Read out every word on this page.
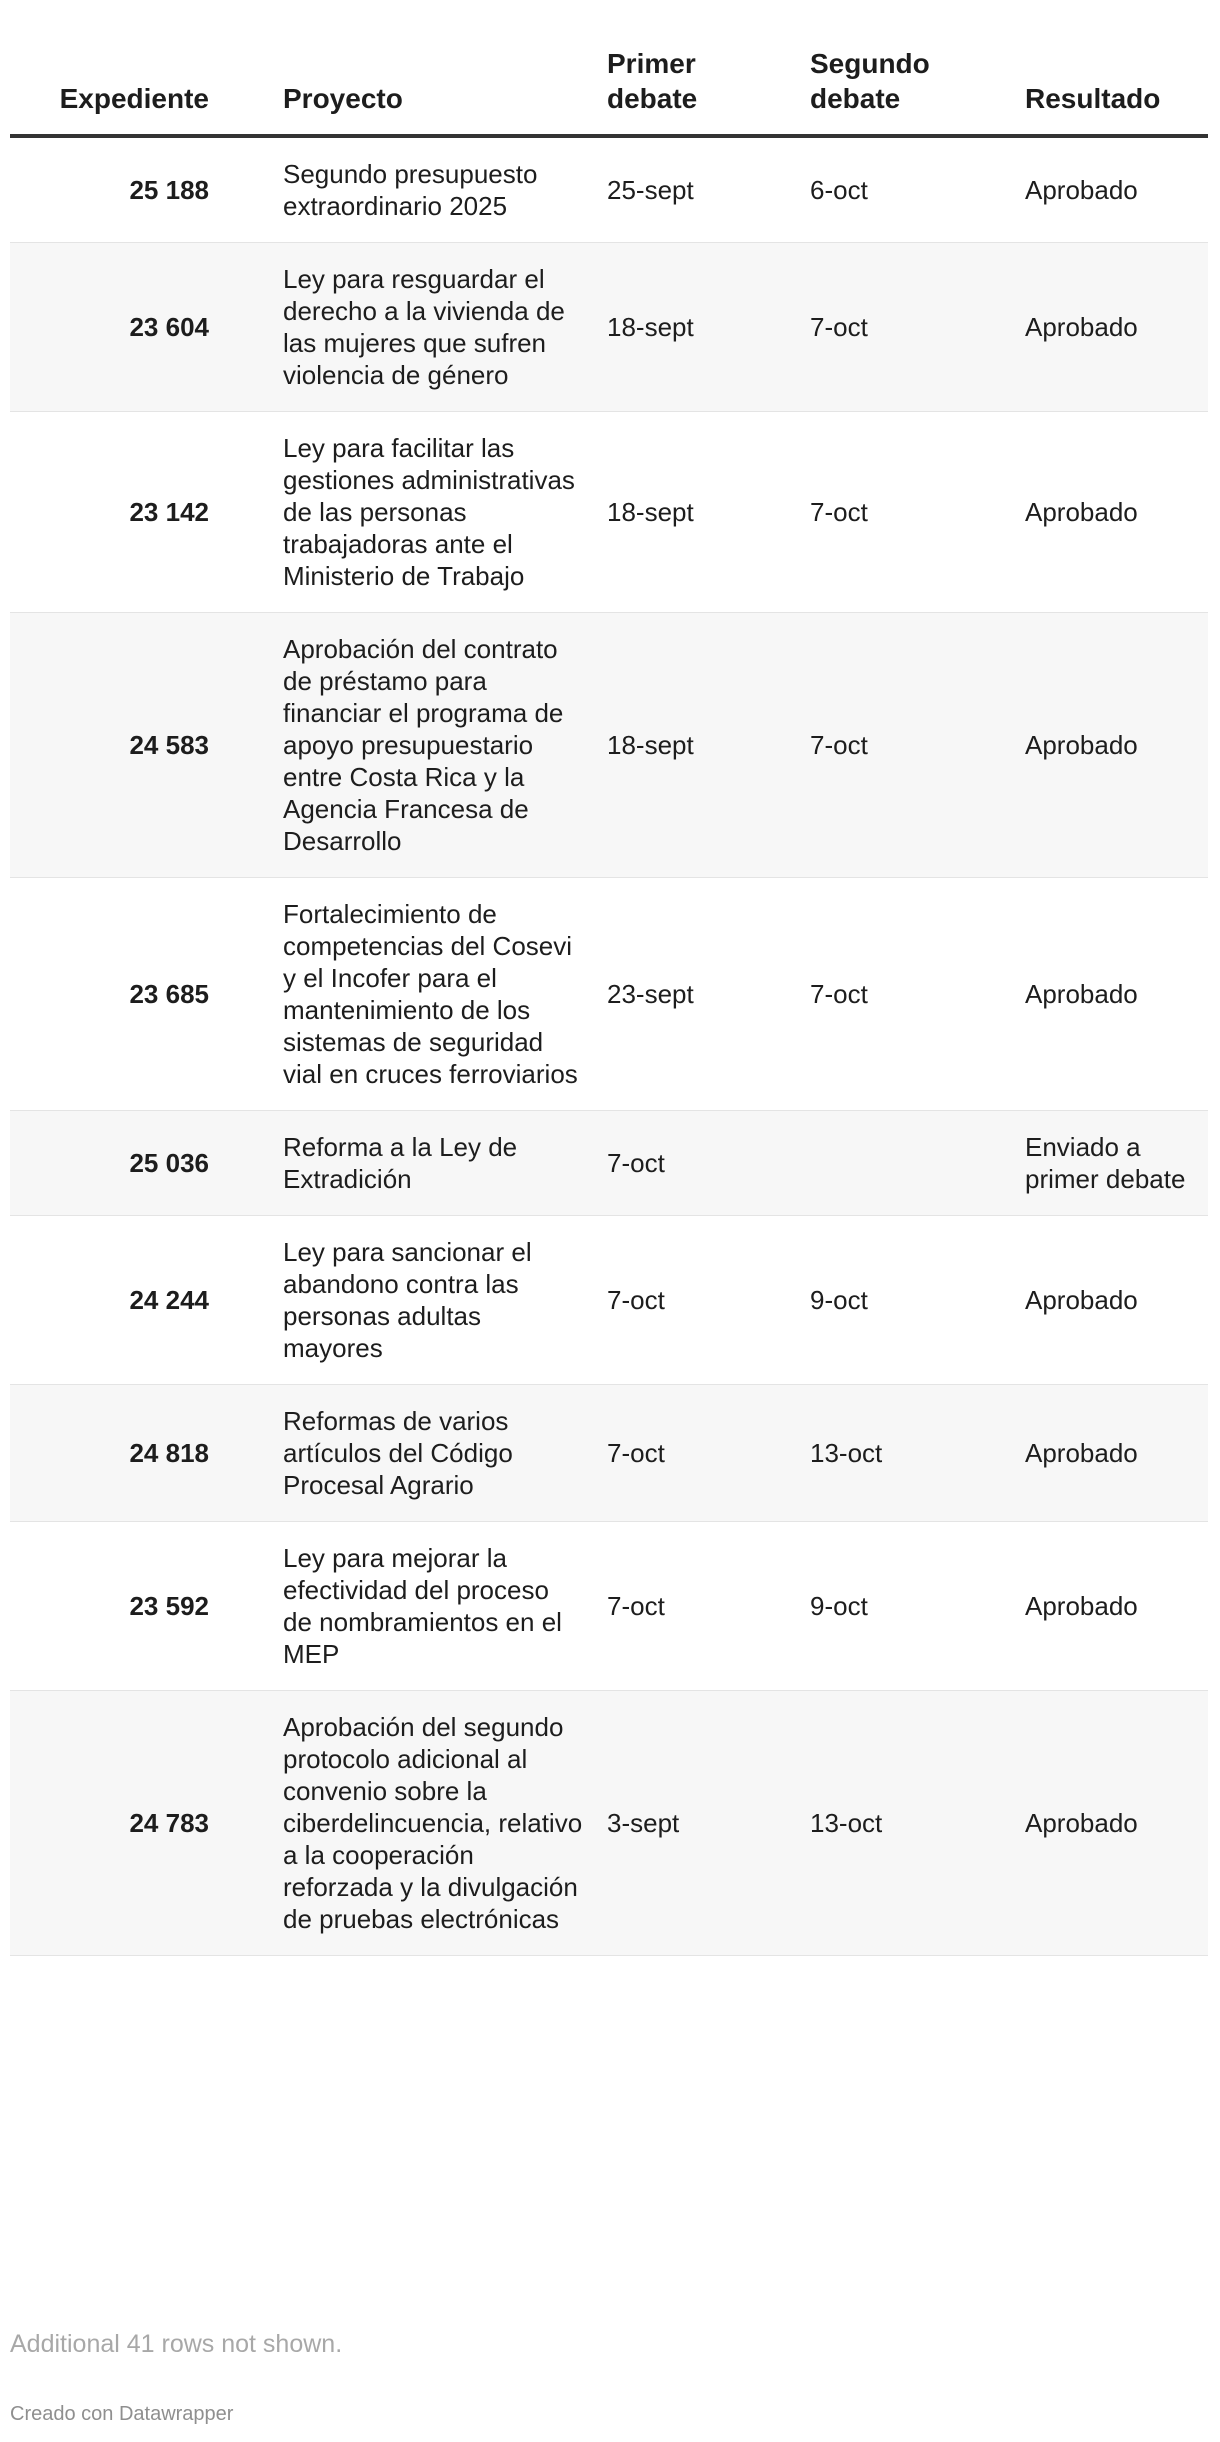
Expediente	Proyecto	Primer debate	Segundo debate	Resultado
25 188	Segundo presupuesto extraordinario 2025	25-sept	6-oct	Aprobado
23 604	Ley para resguardar el derecho a la vivienda de las mujeres que sufren violencia de género	18-sept	7-oct	Aprobado
23 142	Ley para facilitar las gestiones administrativas de las personas trabajadoras ante el Ministerio de Trabajo	18-sept	7-oct	Aprobado
24 583	Aprobación del contrato de préstamo para financiar el programa de apoyo presupuestario entre Costa Rica y la Agencia Francesa de Desarrollo	18-sept	7-oct	Aprobado
23 685	Fortalecimiento de competencias del Cosevi y el Incofer para el mantenimiento de los sistemas de seguridad vial en cruces ferroviarios	23-sept	7-oct	Aprobado
25 036	Reforma a la Ley de Extradición	7-oct		Enviado a primer debate
24 244	Ley para sancionar el abandono contra las personas adultas mayores	7-oct	9-oct	Aprobado
24 818	Reformas de varios artículos del Código Procesal Agrario	7-oct	13-oct	Aprobado
23 592	Ley para mejorar la efectividad del proceso de nombramientos en el MEP	7-oct	9-oct	Aprobado
24 783	Aprobación del segundo protocolo adicional al convenio sobre la ciberdelincuencia, relativo a la cooperación reforzada y la divulgación de pruebas electrónicas	3-sept	13-oct	Aprobado
Additional 41 rows not shown.
Creado con Datawrapper
